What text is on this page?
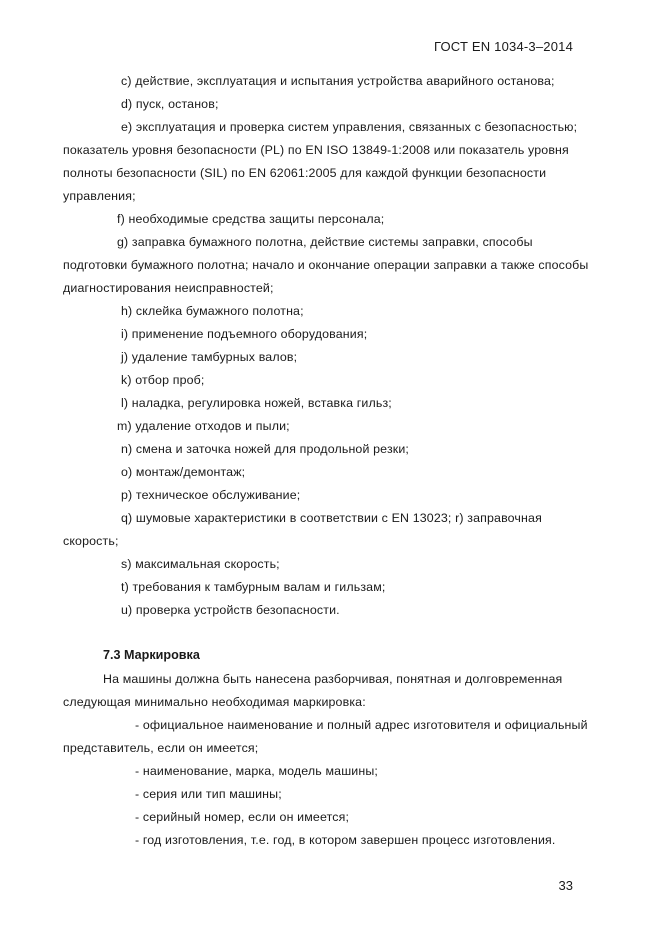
ГОСТ EN 1034-3–2014
c) действие, эксплуатация и испытания устройства аварийного останова;
d) пуск, останов;
e) эксплуатация и проверка систем управления, связанных с безопасностью;
показатель уровня безопасности (PL) по EN ISO 13849-1:2008 или показатель уровня
полноты безопасности (SIL) по EN 62061:2005 для каждой функции безопасности
управления;
f) необходимые средства защиты персонала;
g) заправка бумажного полотна, действие системы заправки, способы
подготовки бумажного полотна; начало и окончание операции заправки а также способы
диагностирования неисправностей;
h) склейка бумажного полотна;
i) применение подъемного оборудования;
j) удаление тамбурных валов;
k) отбор проб;
l) наладка, регулировка ножей, вставка гильз;
m) удаление отходов и пыли;
n) смена и заточка ножей для продольной резки;
o) монтаж/демонтаж;
p) техническое обслуживание;
q) шумовые характеристики в соответствии с EN 13023; r) заправочная
скорость;
s) максимальная скорость;
t) требования к тамбурным валам и гильзам;
u) проверка устройств безопасности.
7.3 Маркировка
На машины должна быть нанесена разборчивая, понятная и долговременная
следующая минимально необходимая маркировка:
- официальное наименование и полный адрес изготовителя и официальный
представитель, если он имеется;
- наименование, марка, модель машины;
- серия или тип машины;
- серийный номер, если он имеется;
- год изготовления, т.е. год, в котором завершен процесс изготовления.
33
